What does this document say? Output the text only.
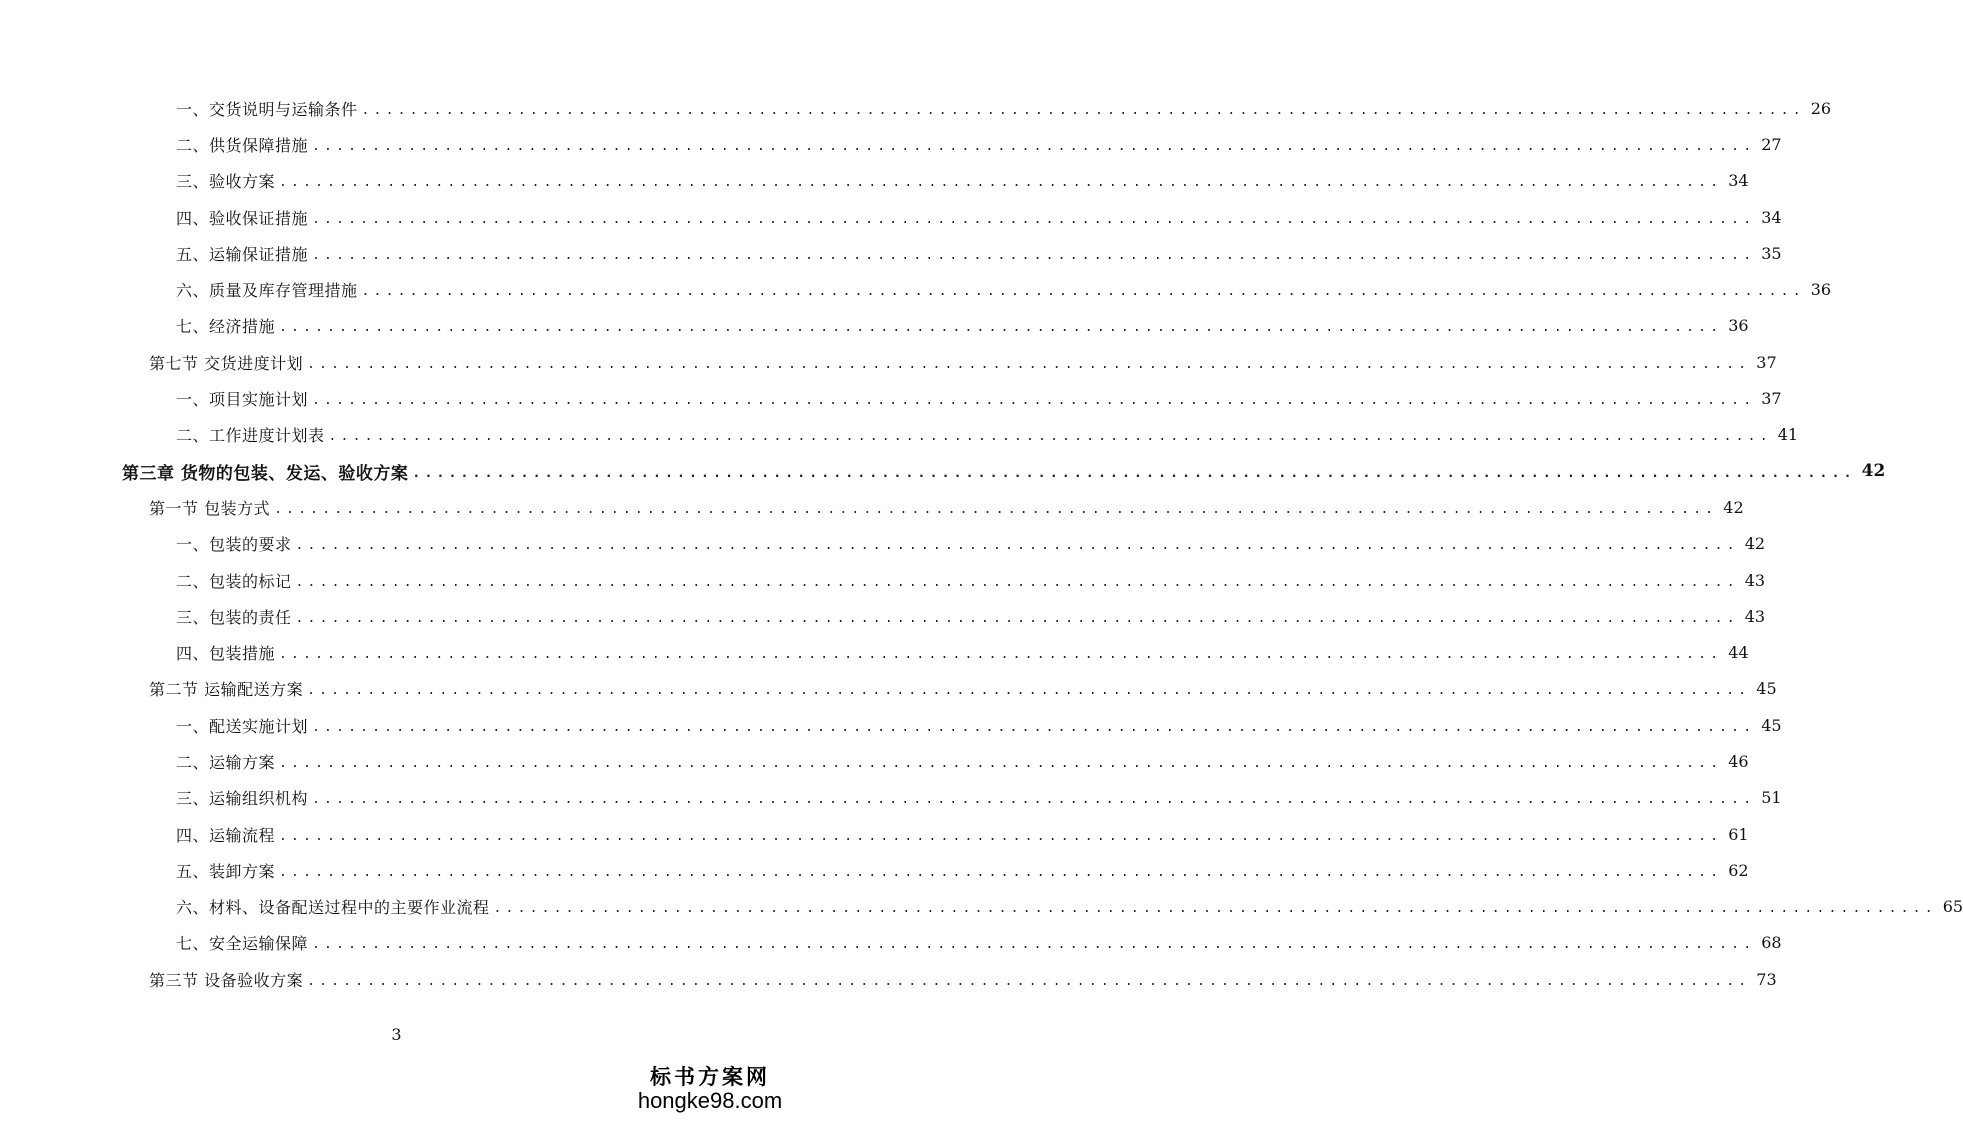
一、交货说明与运输条件 ........................................................................................................................ 26
二、供货保障措施 ........................................................................................................................ 27
三、验收方案 ........................................................................................................................ 34
四、验收保证措施 ........................................................................................................................ 34
五、运输保证措施 ........................................................................................................................ 35
六、质量及库存管理措施 ........................................................................................................................ 36
七、经济措施 ........................................................................................................................ 36
第七节 交货进度计划 ........................................................................................................................ 37
一、项目实施计划 ........................................................................................................................ 37
二、工作进度计划表 ........................................................................................................................ 41
第三章 货物的包装、发运、验收方案 ........................................................................................................................ 42
第一节 包装方式 ........................................................................................................................ 42
一、包装的要求 ........................................................................................................................ 42
二、包装的标记 ........................................................................................................................ 43
三、包装的责任 ........................................................................................................................ 43
四、包装措施 ........................................................................................................................ 44
第二节 运输配送方案 ........................................................................................................................ 45
一、配送实施计划 ........................................................................................................................ 45
二、运输方案 ........................................................................................................................ 46
三、运输组织机构 ........................................................................................................................ 51
四、运输流程 ........................................................................................................................ 61
五、装卸方案 ........................................................................................................................ 62
六、材料、设备配送过程中的主要作业流程 ........................................................................................................................ 65
七、安全运输保障 ........................................................................................................................ 68
第三节 设备验收方案 ........................................................................................................................ 73
3
标书方案网
hongke98.com
